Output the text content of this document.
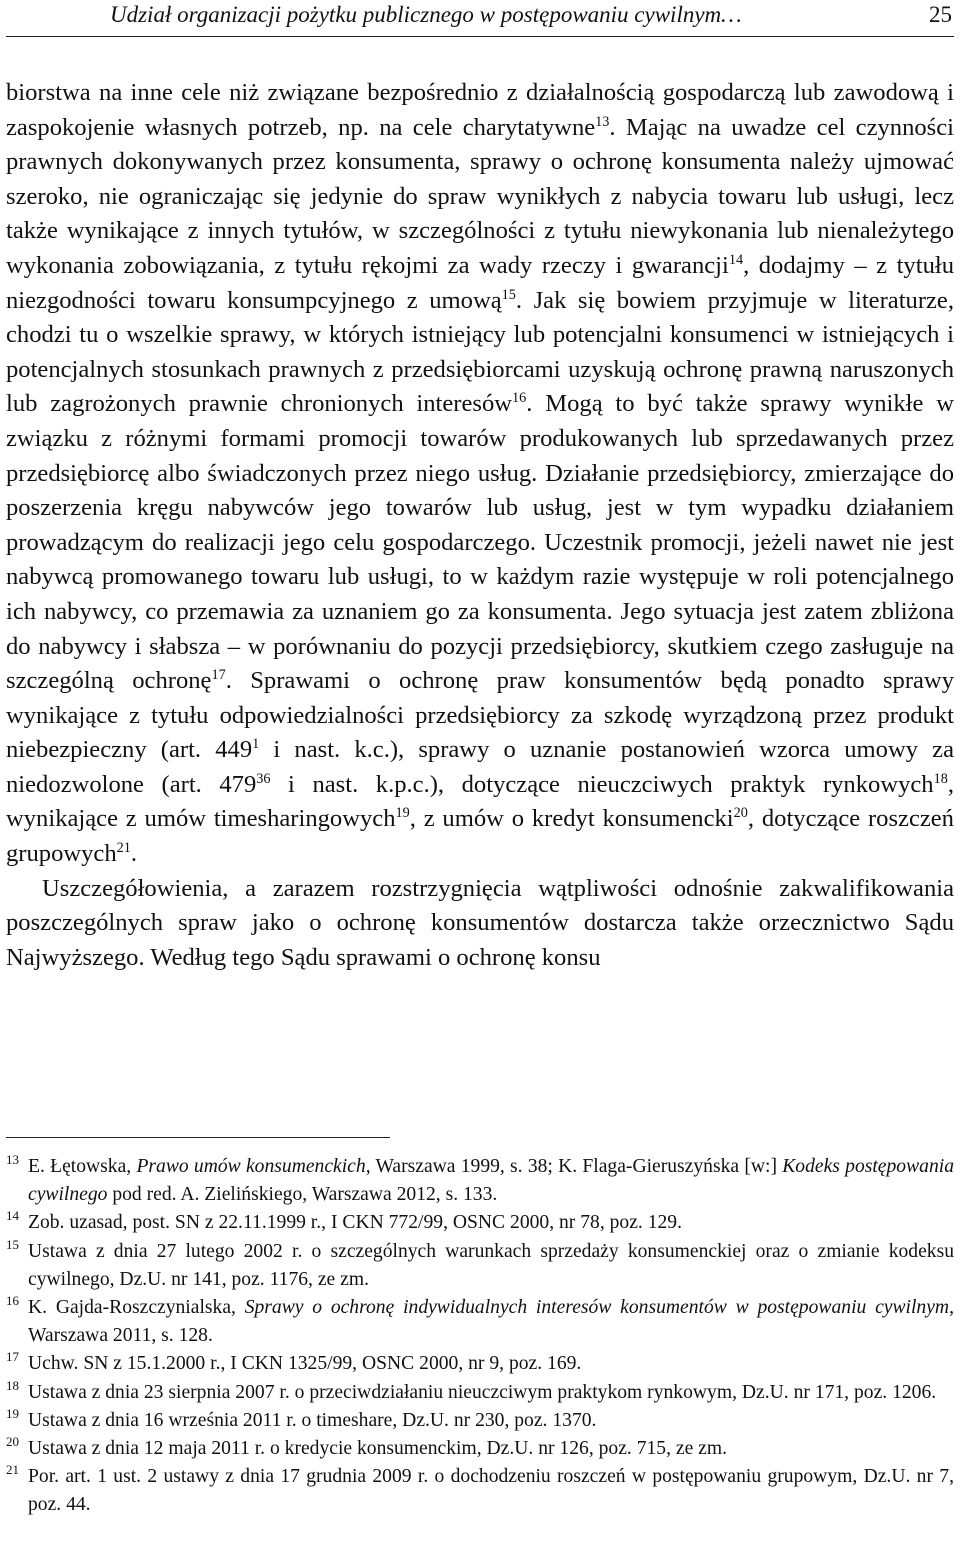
Udział organizacji pożytku publicznego w postępowaniu cywilnym…	25

biorstwa na inne cele niż związane bezpośrednio z działalnością gospodarczą lub zawodową i zaspokojenie własnych potrzeb, np. na cele charytatywne$^{13}$. Mając na uwadze cel czynności prawnych dokonywanych przez konsumenta, sprawy o ochronę konsumenta należy ujmować szeroko, nie ograniczając się jedynie do spraw wynikłych z nabycia towaru lub usługi, lecz także wynikające z innych tytułów, w szczególności z tytułu niewykonania lub nienależytego wykonania zobowiązania, z tytułu rękojmi za wady rzeczy i gwarancji$^{14}$, dodajmy – z tytułu niezgodności towaru konsumpcyjnego z umową$^{15}$. Jak się bowiem przyjmuje w literaturze, chodzi tu o wszelkie sprawy, w których istniejący lub potencjalni konsumenci w istniejących i potencjalnych stosunkach prawnych z przedsiębiorcami uzyskują ochronę prawną naruszonych lub zagrożonych prawnie chronionych interesów$^{16}$. Mogą to być także sprawy wynikłe w związku z różnymi formami promocji towarów produkowanych lub sprzedawanych przez przedsiębiorcę albo świadczonych przez niego usług. Działanie przedsiębiorcy, zmierzające do poszerzenia kręgu nabywców jego towarów lub usług, jest w tym wypadku działaniem prowadzącym do realizacji jego celu gospodarczego. Uczestnik promocji, jeżeli nawet nie jest nabywcą promowanego towaru lub usługi, to w każdym razie występuje w roli potencjalnego ich nabywcy, co przemawia za uznaniem go za konsumenta. Jego sytuacja jest zatem zbliżona do nabywcy i słabsza – w porównaniu do pozycji przedsiębiorcy, skutkiem czego zasługuje na szczególną ochronę$^{17}$. Sprawami o ochronę praw konsumentów będą ponadto sprawy wynikające z tytułu odpowiedzialności przedsiębiorcy za szkodę wyrządzoną przez produkt niebezpieczny (art. $449^1$ i nast. k.c.), sprawy o uznanie postanowień wzorca umowy za niedozwolone (art. $479^{36}$ i nast. k.p.c.), dotyczące nieuczciwych praktyk rynkowych$^{18}$, wynikające z umów timesharingowych$^{19}$, z umów o kredyt konsumencki$^{20}$, dotyczące roszczeń grupowych$^{21}$.

Uszczegółowienia, a zarazem rozstrzygnięcia wątpliwości odnośnie zakwalifikowania poszczególnych spraw jako o ochronę konsumentów dostarcza także orzecznictwo Sądu Najwyższego. Według tego Sądu sprawami o ochronę konsu

13 E. Łętowska, Prawo umów konsumenckich, Warszawa 1999, s. 38; K. Flaga-Gieruszyńska [w:] Kodeks postępowania cywilnego pod red. A. Zielińskiego, Warszawa 2012, s. 133.
14 Zob. uzasad, post. SN z 22.11.1999 r., I CKN 772/99, OSNC 2000, nr 78, poz. 129.
15 Ustawa z dnia 27 lutego 2002 r. o szczególnych warunkach sprzedaży konsumenckiej oraz o zmianie kodeksu cywilnego, Dz.U. nr 141, poz. 1176, ze zm.
16 K. Gajda-Roszczynialska, Sprawy o ochronę indywidualnych interesów konsumentów w postępowaniu cywilnym, Warszawa 2011, s. 128.
17 Uchw. SN z 15.1.2000 r., I CKN 1325/99, OSNC 2000, nr 9, poz. 169.
18 Ustawa z dnia 23 sierpnia 2007 r. o przeciwdziałaniu nieuczciwym praktykom rynkowym, Dz.U. nr 171, poz. 1206.
19 Ustawa z dnia 16 września 2011 r. o timeshare, Dz.U. nr 230, poz. 1370.
20 Ustawa z dnia 12 maja 2011 r. o kredycie konsumenckim, Dz.U. nr 126, poz. 715, ze zm.
21 Por. art. 1 ust. 2 ustawy z dnia 17 grudnia 2009 r. o dochodzeniu roszczeń w postępowaniu grupowym, Dz.U. nr 7, poz. 44.
